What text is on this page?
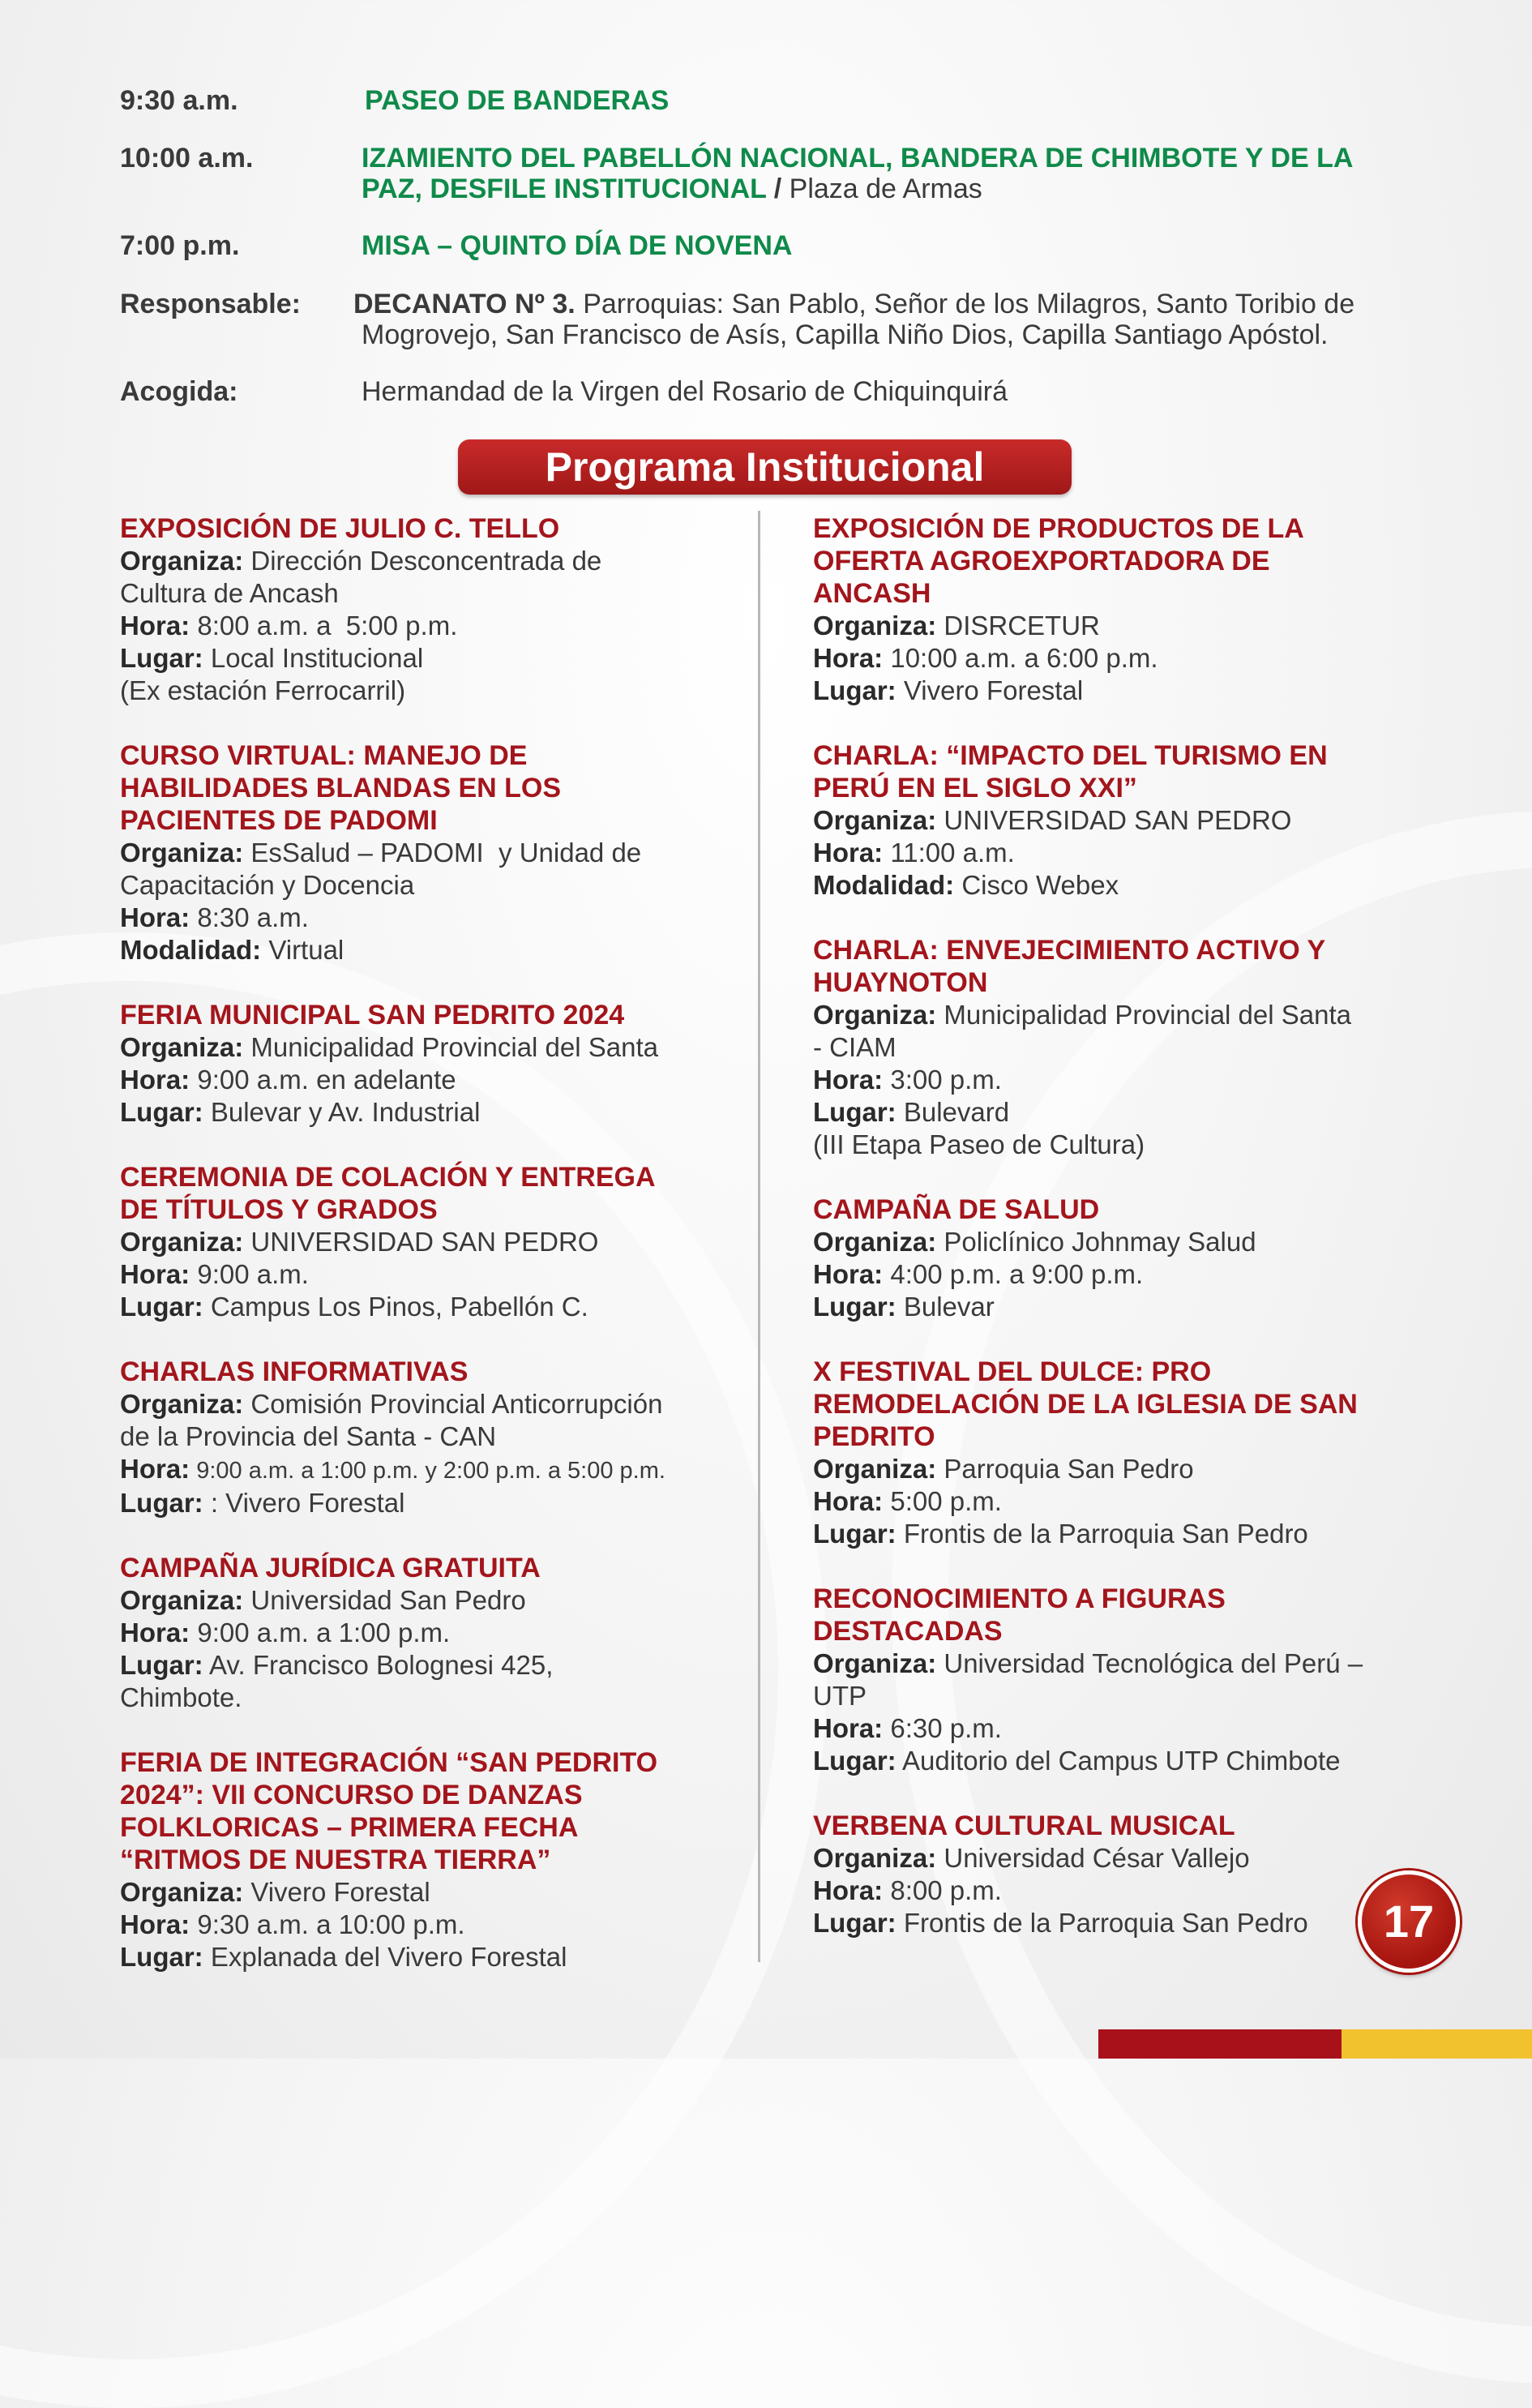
9:30 a.m.	PASEO DE BANDERAS
10:00 a.m.	IZAMIENTO DEL PABELLÓN NACIONAL, BANDERA DE CHIMBOTE Y DE LA
PAZ, DESFILE INSTITUCIONAL / Plaza de Armas
7:00 p.m.	MISA – QUINTO DÍA DE NOVENA
Responsable: DECANATO Nº 3. Parroquias: San Pablo, Señor de los Milagros, Santo Toribio de
Mogrovejo, San Francisco de Asís, Capilla Niño Dios, Capilla Santiago Apóstol.
Acogida:	Hermandad de la Virgen del Rosario de Chiquinquirá
Programa Institucional
EXPOSICIÓN DE JULIO C. TELLO
Organiza: Dirección Desconcentrada de
Cultura de Ancash
Hora: 8:00 a.m. a  5:00 p.m.
Lugar: Local Institucional
(Ex estación Ferrocarril)
CURSO VIRTUAL: MANEJO DE
HABILIDADES BLANDAS EN LOS
PACIENTES DE PADOMI
Organiza: EsSalud – PADOMI  y Unidad de
Capacitación y Docencia
Hora: 8:30 a.m.
Modalidad: Virtual
FERIA MUNICIPAL SAN PEDRITO 2024
Organiza: Municipalidad Provincial del Santa
Hora: 9:00 a.m. en adelante
Lugar: Bulevar y Av. Industrial
CEREMONIA DE COLACIÓN Y ENTREGA
DE TÍTULOS Y GRADOS
Organiza: UNIVERSIDAD SAN PEDRO
Hora: 9:00 a.m.
Lugar: Campus Los Pinos, Pabellón C.
CHARLAS INFORMATIVAS
Organiza: Comisión Provincial Anticorrupción
de la Provincia del Santa - CAN
Hora: 9:00 a.m. a 1:00 p.m. y 2:00 p.m. a 5:00 p.m.
Lugar: : Vivero Forestal
CAMPAÑA JURÍDICA GRATUITA
Organiza: Universidad San Pedro
Hora: 9:00 a.m. a 1:00 p.m.
Lugar: Av. Francisco Bolognesi 425,
Chimbote.
FERIA DE INTEGRACIÓN “SAN PEDRITO
2024”: VII CONCURSO DE DANZAS
FOLKLORICAS – PRIMERA FECHA
“RITMOS DE NUESTRA TIERRA”
Organiza: Vivero Forestal
Hora: 9:30 a.m. a 10:00 p.m.
Lugar: Explanada del Vivero Forestal
EXPOSICIÓN DE PRODUCTOS DE LA
OFERTA AGROEXPORTADORA DE
ANCASH
Organiza: DISRCETUR
Hora: 10:00 a.m. a 6:00 p.m.
Lugar: Vivero Forestal
CHARLA: “IMPACTO DEL TURISMO EN
PERÚ EN EL SIGLO XXI”
Organiza: UNIVERSIDAD SAN PEDRO
Hora: 11:00 a.m.
Modalidad: Cisco Webex
CHARLA: ENVEJECIMIENTO ACTIVO Y
HUAYNOTON
Organiza: Municipalidad Provincial del Santa
- CIAM
Hora: 3:00 p.m.
Lugar: Bulevard
(III Etapa Paseo de Cultura)
CAMPAÑA DE SALUD
Organiza: Policlínico Johnmay Salud
Hora: 4:00 p.m. a 9:00 p.m.
Lugar: Bulevar
X FESTIVAL DEL DULCE: PRO
REMODELACIÓN DE LA IGLESIA DE SAN
PEDRITO
Organiza: Parroquia San Pedro
Hora: 5:00 p.m.
Lugar: Frontis de la Parroquia San Pedro
RECONOCIMIENTO A FIGURAS
DESTACADAS
Organiza: Universidad Tecnológica del Perú –
UTP
Hora: 6:30 p.m.
Lugar: Auditorio del Campus UTP Chimbote
VERBENA CULTURAL MUSICAL
Organiza: Universidad César Vallejo
Hora: 8:00 p.m.
Lugar: Frontis de la Parroquia San Pedro	17
